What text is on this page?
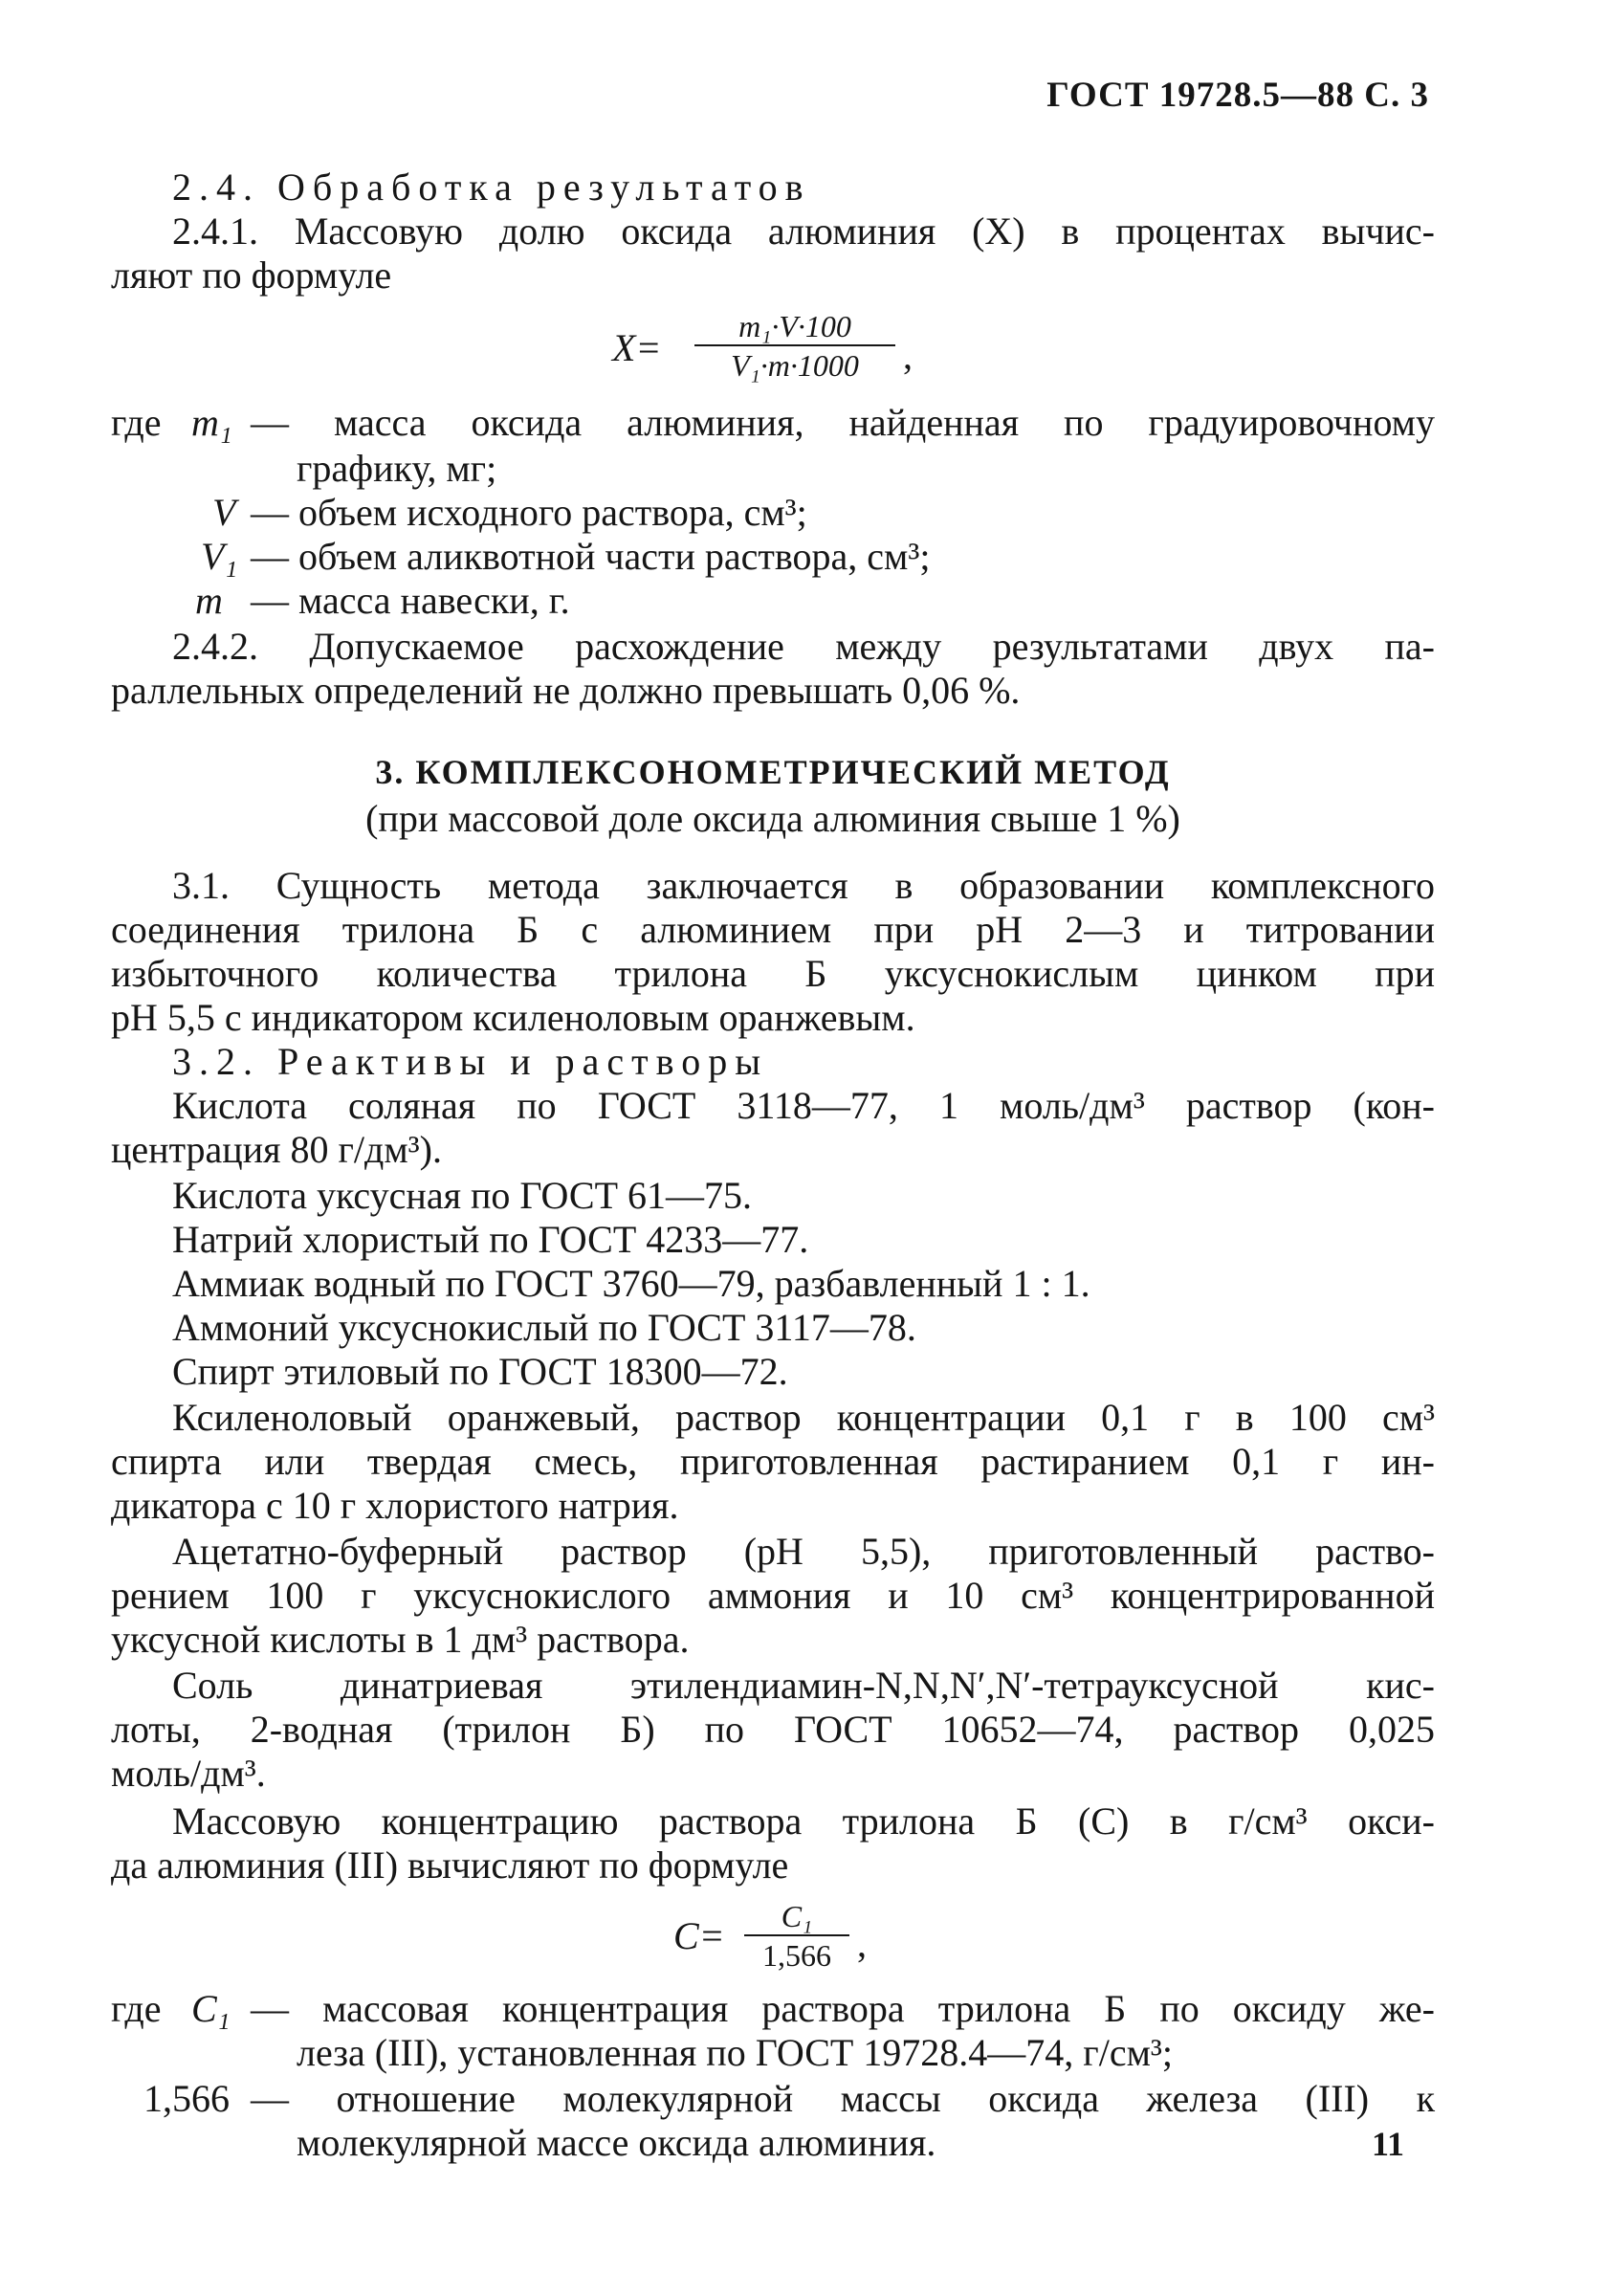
ГОСТ 19728.5—88 С. 3
2.4. Обработка результатов
2.4.1. Массовую долю оксида алюминия (X) в процентах вычис-
ляют по формуле
$X= \frac{\text{m₁·V·100}}{\text{V₁·m·1000}}$ ,
где m₁ — масса оксида алюминия, найденная по градуировочному
графику, мг;
V — объем исходного раствора, см³;
V₁ — объем аликвотной части раствора, см³;
m — масса навески, г.
2.4.2. Допускаемое расхождение между результатами двух па-
раллельных определений не должно превышать 0,06 %.
3. КОМПЛЕКСОНОМЕТРИЧЕСКИЙ МЕТОД
(при массовой доле оксида алюминия свыше 1 %)
3.1. Сущность метода заключается в образовании комплексного
соединения трилона Б с алюминием при pH 2—3 и титровании
избыточного количества трилона Б уксуснокислым цинком при
pH 5,5 с индикатором ксиленоловым оранжевым.
3.2. Реактивы и растворы
Кислота соляная по ГОСТ 3118—77, 1 моль/дм³ раствор (кон-
центрация 80 г/дм³).
Кислота уксусная по ГОСТ 61—75.
Натрий хлористый по ГОСТ 4233—77.
Аммиак водный по ГОСТ 3760—79, разбавленный 1 : 1.
Аммоний уксуснокислый по ГОСТ 3117—78.
Спирт этиловый по ГОСТ 18300—72.
Ксиленоловый оранжевый, раствор концентрации 0,1 г в 100 см³
спирта или твердая смесь, приготовленная растиранием 0,1 г ин-
дикатора с 10 г хлористого натрия.
Ацетатно-буферный раствор (pH 5,5), приготовленный раство-
рением 100 г уксуснокислого аммония и 10 см³ концентрированной
уксусной кислоты в 1 дм³ раствора.
Соль динатриевая этилендиамин-N,N,N′,N′-тетрауксусной кис-
лоты, 2-водная (трилон Б) по ГОСТ 10652—74, раствор 0,025
моль/дм³.
Массовую концентрацию раствора трилона Б (С) в г/см³ окси-
да алюминия (III) вычисляют по формуле
$C= \frac{\text{C₁}}{1,566}$ ,
где C₁ — массовая концентрация раствора трилона Б по оксиду же-
леза (III), установленная по ГОСТ 19728.4—74, г/см³;
1,566 — отношение молекулярной массы оксида железа (III) к
молекулярной массе оксида алюминия.	11
